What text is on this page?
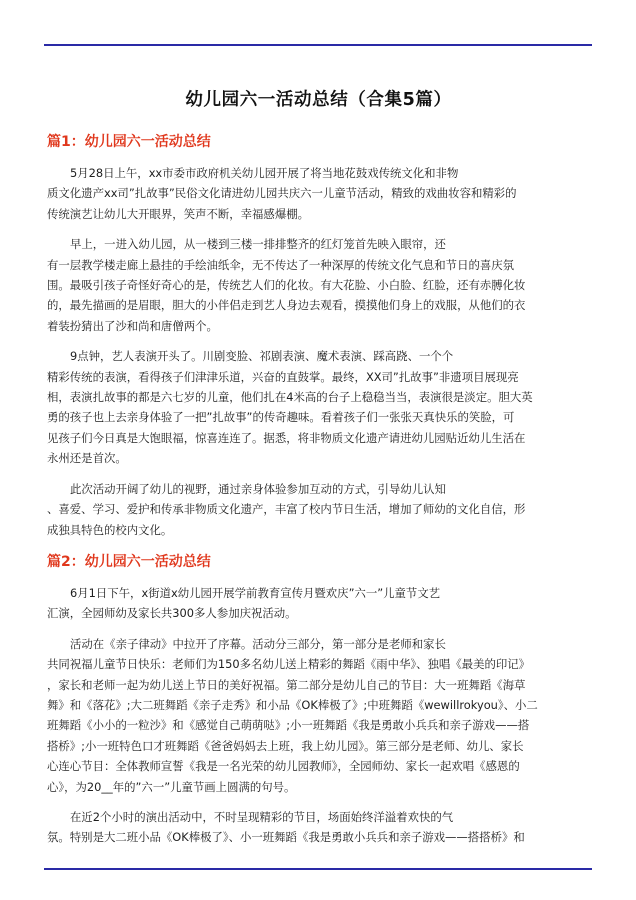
幼儿园六一活动总结（合集5篇）
篇1：幼儿园六一活动总结

5月28日上午，xx市委市政府机关幼儿园开展了将当地花鼓戏传统文化和非物
质文化遗产xx司”扎故事”民俗文化请进幼儿园共庆六一儿童节活动，精致的戏曲妆容和精彩的
传统演艺让幼儿大开眼界，笑声不断，幸福感爆棚。

早上，一进入幼儿园，从一楼到三楼一排排整齐的红灯笼首先映入眼帘，还
有一层教学楼走廊上悬挂的手绘油纸伞，无不传达了一种深厚的传统文化气息和节日的喜庆氛
围。最吸引孩子奇怪好奇心的是，传统艺人们的化妆。有大花脸、小白脸、红脸，还有赤膊化妆
的，最先描画的是眉眼，胆大的小伴侣走到艺人身边去观看，摸摸他们身上的戏服，从他们的衣
着装扮猜出了沙和尚和唐僧两个。

9点钟，艺人表演开头了。川剧变脸、祁剧表演、魔术表演、踩高跷、一个个
精彩传统的表演，看得孩子们津津乐道，兴奋的直鼓掌。最终，XX司”扎故事”非遗项目展现亮
相，表演扎故事的都是六七岁的儿童，他们扎在4米高的台子上稳稳当当，表演很是淡定。胆大英
勇的孩子也上去亲身体验了一把”扎故事”的传奇趣味。看着孩子们一张张天真快乐的笑脸，可
见孩子们今日真是大饱眼福，惊喜连连了。据悉，将非物质文化遗产请进幼儿园贴近幼儿生活在
永州还是首次。

此次活动开阔了幼儿的视野，通过亲身体验参加互动的方式，引导幼儿认知
、喜爱、学习、爱护和传承非物质文化遗产，丰富了校内节日生活，增加了师幼的文化自信，形
成独具特色的校内文化。

篇2：幼儿园六一活动总结

6月1日下午，x街道x幼儿园开展学前教育宣传月暨欢庆”六一”儿童节文艺
汇演，全园师幼及家长共300多人参加庆祝活动。

活动在《亲子律动》中拉开了序幕。活动分三部分，第一部分是老师和家长
共同祝福儿童节日快乐：老师们为150多名幼儿送上精彩的舞蹈《雨中华》、独唱《最美的印记》
，家长和老师一起为幼儿送上节日的美好祝福。第二部分是幼儿自己的节目：大一班舞蹈《海草
舞》和《落花》;大二班舞蹈《亲子走秀》和小品《OK棒极了》;中班舞蹈《wewillrokyou》、小二
班舞蹈《小小的一粒沙》和《感觉自己萌萌哒》;小一班舞蹈《我是勇敢小兵兵和亲子游戏——搭
搭桥》;小一班特色口才班舞蹈《爸爸妈妈去上班，我上幼儿园》。第三部分是老师、幼儿、家长
心连心节目：全体教师宣誓《我是一名光荣的幼儿园教师》，全园师幼、家长一起欢唱《感恩的
心》，为20__年的”六一”儿童节画上圆满的句号。

在近2个小时的演出活动中，不时呈现精彩的节目，场面始终洋溢着欢快的气
氛。特别是大二班小品《OK棒极了》、小一班舞蹈《我是勇敢小兵兵和亲子游戏——搭搭桥》和
